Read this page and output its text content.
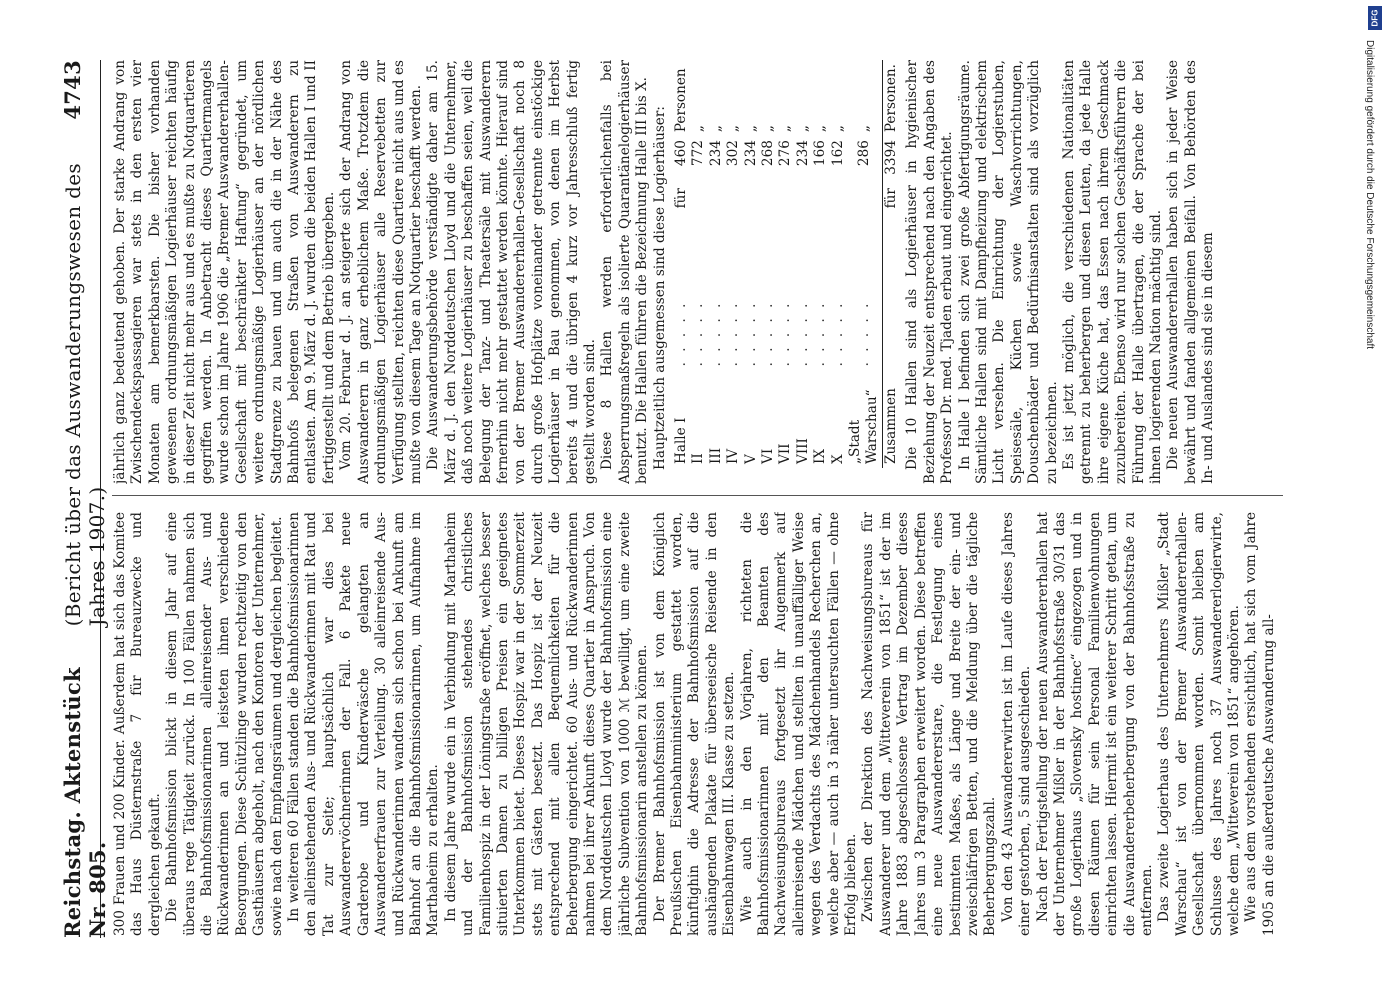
Reichstag. Aktenstück Nr. 805.
(Bericht über das Auswanderungswesen des Jahres 1907.)
4743

300 Frauen und 200 Kinder. Außerdem hat sich das Komitee das Haus Düsternstraße 7 für Bureauzwecke und dergleichen gekauft. Die Bahnhofsmission blickt in diesem Jahr auf eine überaus rege Tätigkeit zurück. In 100 Fällen nahmen sich die Bahnhofsmissionarinnen alleinreisender Aus- und Rückwanderinnen an und leisteten ihnen verschiedene Besorgungen. Diese Schützlinge wurden rechtzeitig von den Gasthäusern abgeholt, nach den Kontoren der Unternehmer, sowie nach den Empfangsräumen und dergleichen begleitet. In weiteren 60 Fällen standen die Bahnhofsmissionarinnen den alleinstehenden Aus- und Rückwanderinnen mit Rat und Tat zur Seite; hauptsächlich war dies bei Auswanderervöchnerinnen der Fall. 6 Pakete neue Garderobe und Kinderwäsche gelangten an Auswandererfrauen zur Verteilung. 30 alleinreisende Aus- und Rückwanderinnen wandten sich schon bei Ankunft am Bahnhof an die Bahnhofsmissionarinnen, um Aufnahme im Marthaheim zu erhalten. In diesem Jahre wurde ein in Verbindung mit Marthaheim und der Bahnhofsmission stehendes christliches Familienhospiz in der Löningstraße eröffnet, welches besser situierten Damen zu billigen Preisen ein geeignetes Unterkommen bietet. Dieses Hospiz war in der Sommerzeit stets mit Gästen besetzt. Das Hospiz ist der Neuzeit entsprechend mit allen Bequemlichkeiten für die Beherbergung eingerichtet. 60 Aus- und Rückwanderinnen nahmen bei ihrer Ankunft dieses Quartier in Anspruch. Von dem Norddeutschen Lloyd wurde der Bahnhofsmission eine jährliche Subvention von 1000 ℳ bewilligt, um eine zweite Bahnhofsmissionarin anstellen zu können. Der Bremer Bahnhofsmission ist von dem Königlich Preußischen Eisenbahnministerium gestattet worden, künftighin die Adresse der Bahnhofsmission auf die aushängenden Plakate für überseeische Reisende in den Eisenbahnwagen III. Klasse zu setzen. Wie auch in den Vorjahren, richteten die Bahnhofsmissionarinnen mit den Beamten des Nachweisungsbureaus fortgesetzt ihr Augenmerk auf alleinreisende Mädchen und stellten in unauffälliger Weise wegen des Verdachts des Mädchenhandels Recherchen an, welche aber — auch in 3 näher untersuchten Fällen — ohne Erfolg blieben. Zwischen der Direktion des Nachweisungsbureaus für Auswanderer und dem „Witteverein von 1851“ ist der im Jahre 1883 abgeschlossene Vertrag im Dezember dieses Jahres um 3 Paragraphen erweitert worden. Diese betreffen eine neue Auswandererstare, die Festlegung eines bestimmten Maßes, als Länge und Breite der ein- und zweischläfrigen Betten, und die Meldung über die tägliche Beherbergungszahl. Von den 43 Auswandererwirten ist im Laufe dieses Jahres einer gestorben, 5 sind ausgeschieden. Nach der Fertigstellung der neuen Auswandererhallen hat der Unternehmer Mißler in der Bahnhofsstraße 30/31 das große Logierhaus „Slovensky hostinec“ eingezogen und in diesen Räumen für sein Personal Familienwohnungen einrichten lassen. Hiermit ist ein weiterer Schritt getan, um die Auswandererbeherbergung von der Bahnhofsstraße zu entfernen. Das zweite Logierhaus des Unternehmers Mißler „Stadt Warschau“ ist von der Bremer Auswandererhallen-Gesellschaft übernommen worden. Somit bleiben am Schlusse des Jahres noch 37 Auswandererlogierwirte, welche dem „Witteverein von 1851“ angehören. Wie aus dem vorstehenden ersichtlich, hat sich vom Jahre 1905 an die außerdeutsche Auswanderung all-

jährlich ganz bedeutend gehoben. Der starke Andrang von Zwischendeckspassagieren war stets in den ersten vier Monaten am bemerkbarsten. Die bisher vorhanden gewesenen ordnungsmäßigen Logierhäuser reichten häufig in dieser Zeit nicht mehr aus und es mußte zu Notquartieren gegriffen werden. In Anbetracht dieses Quartiermangels wurde schon im Jahre 1906 die „Bremer Auswandererhallen-Gesellschaft mit beschränkter Haftung“ gegründet, um weitere ordnungsmäßige Logierhäuser an der nördlichen Stadtgrenze zu bauen und um auch die in der Nähe des Bahnhofs belegenen Straßen von Auswanderern zu entlasten. Am 9. März d. J. wurden die beiden Hallen I und II fertiggestellt und dem Betrieb übergeben. Vom 20. Februar d. J. an steigerte sich der Andrang von Auswanderern in ganz erheblichem Maße. Trotzdem die ordnungsmäßigen Logierhäuser alle Reservebetten zur Verfügung stellten, reichten diese Quartiere nicht aus und es mußte von diesem Tage an Notquartier beschafft werden. Die Auswanderungsbehörde verständigte daher am 15. März d. J. den Norddeutschen Lloyd und die Unternehmer, daß noch weitere Logierhäuser zu beschaffen seien, weil die Belegung der Tanz- und Theatersäle mit Auswanderern fernerhin nicht mehr gestattet werden könnte. Hierauf sind von der Bremer Auswandererhallen-Gesellschaft noch 8 durch große Hofplätze voneinander getrennte einstöckige Logierhäuser in Bau genommen, von denen im Herbst bereits 4 und die übrigen 4 kurz vor Jahresschluß fertig gestellt worden sind. Diese 8 Hallen werden erforderlichenfalls bei Absperrungsmaßregeln als isolierte Quarantänelogierhäuser benutzt. Die Hallen führen die Bezeichnung Halle III bis X. Hauptzeitlich ausgemessen sind diese Logierhäuser: Halle I	. . . . .	für	460	Personen
II	. . . . .		772	„
III	. . . . .		234	„
IV	. . . . .		302	„
V	. . . . .		234	„
VI	. . . . .		268	„
VII	. . . . .		276	„
VIII	. . . . .		234	„
IX	. . . . .		166	„
X	. . . . .		162	„
„Stadt Warschau“	. . . . .		286	„
Zusammen		für	3394	Personen. Die 10 Hallen sind als Logierhäuser in hygienischer Beziehung der Neuzeit entsprechend nach den Angaben des Professor Dr. med. Tjaden erbaut und eingerichtet. In Halle I befinden sich zwei große Abfertigungsräume. Sämtliche Hallen sind mit Dampfheizung und elektrischem Licht versehen. Die Einrichtung der Logierstuben, Speisesäle, Küchen sowie Waschvorrichtungen, Douschenbäder und Bedürfnisanstalten sind als vorzüglich zu bezeichnen. Es ist jetzt möglich, die verschiedenen Nationalitäten getrennt zu beherbergen und diesen Leuten, da jede Halle ihre eigene Küche hat, das Essen nach ihrem Geschmack zuzubereiten. Ebenso wird nur solchen Geschäftsführern die Führung der Halle übertragen, die der Sprache der bei ihnen logierenden Nation mächtig sind. Die neuen Auswandererhallen haben sich in jeder Weise bewährt und fanden allgemeinen Beifall. Von Behörden des In- und Auslandes sind sie in diesem

DFG
Digitalisierung gefördert durch die Deutsche Forschungsgemeinschaft
